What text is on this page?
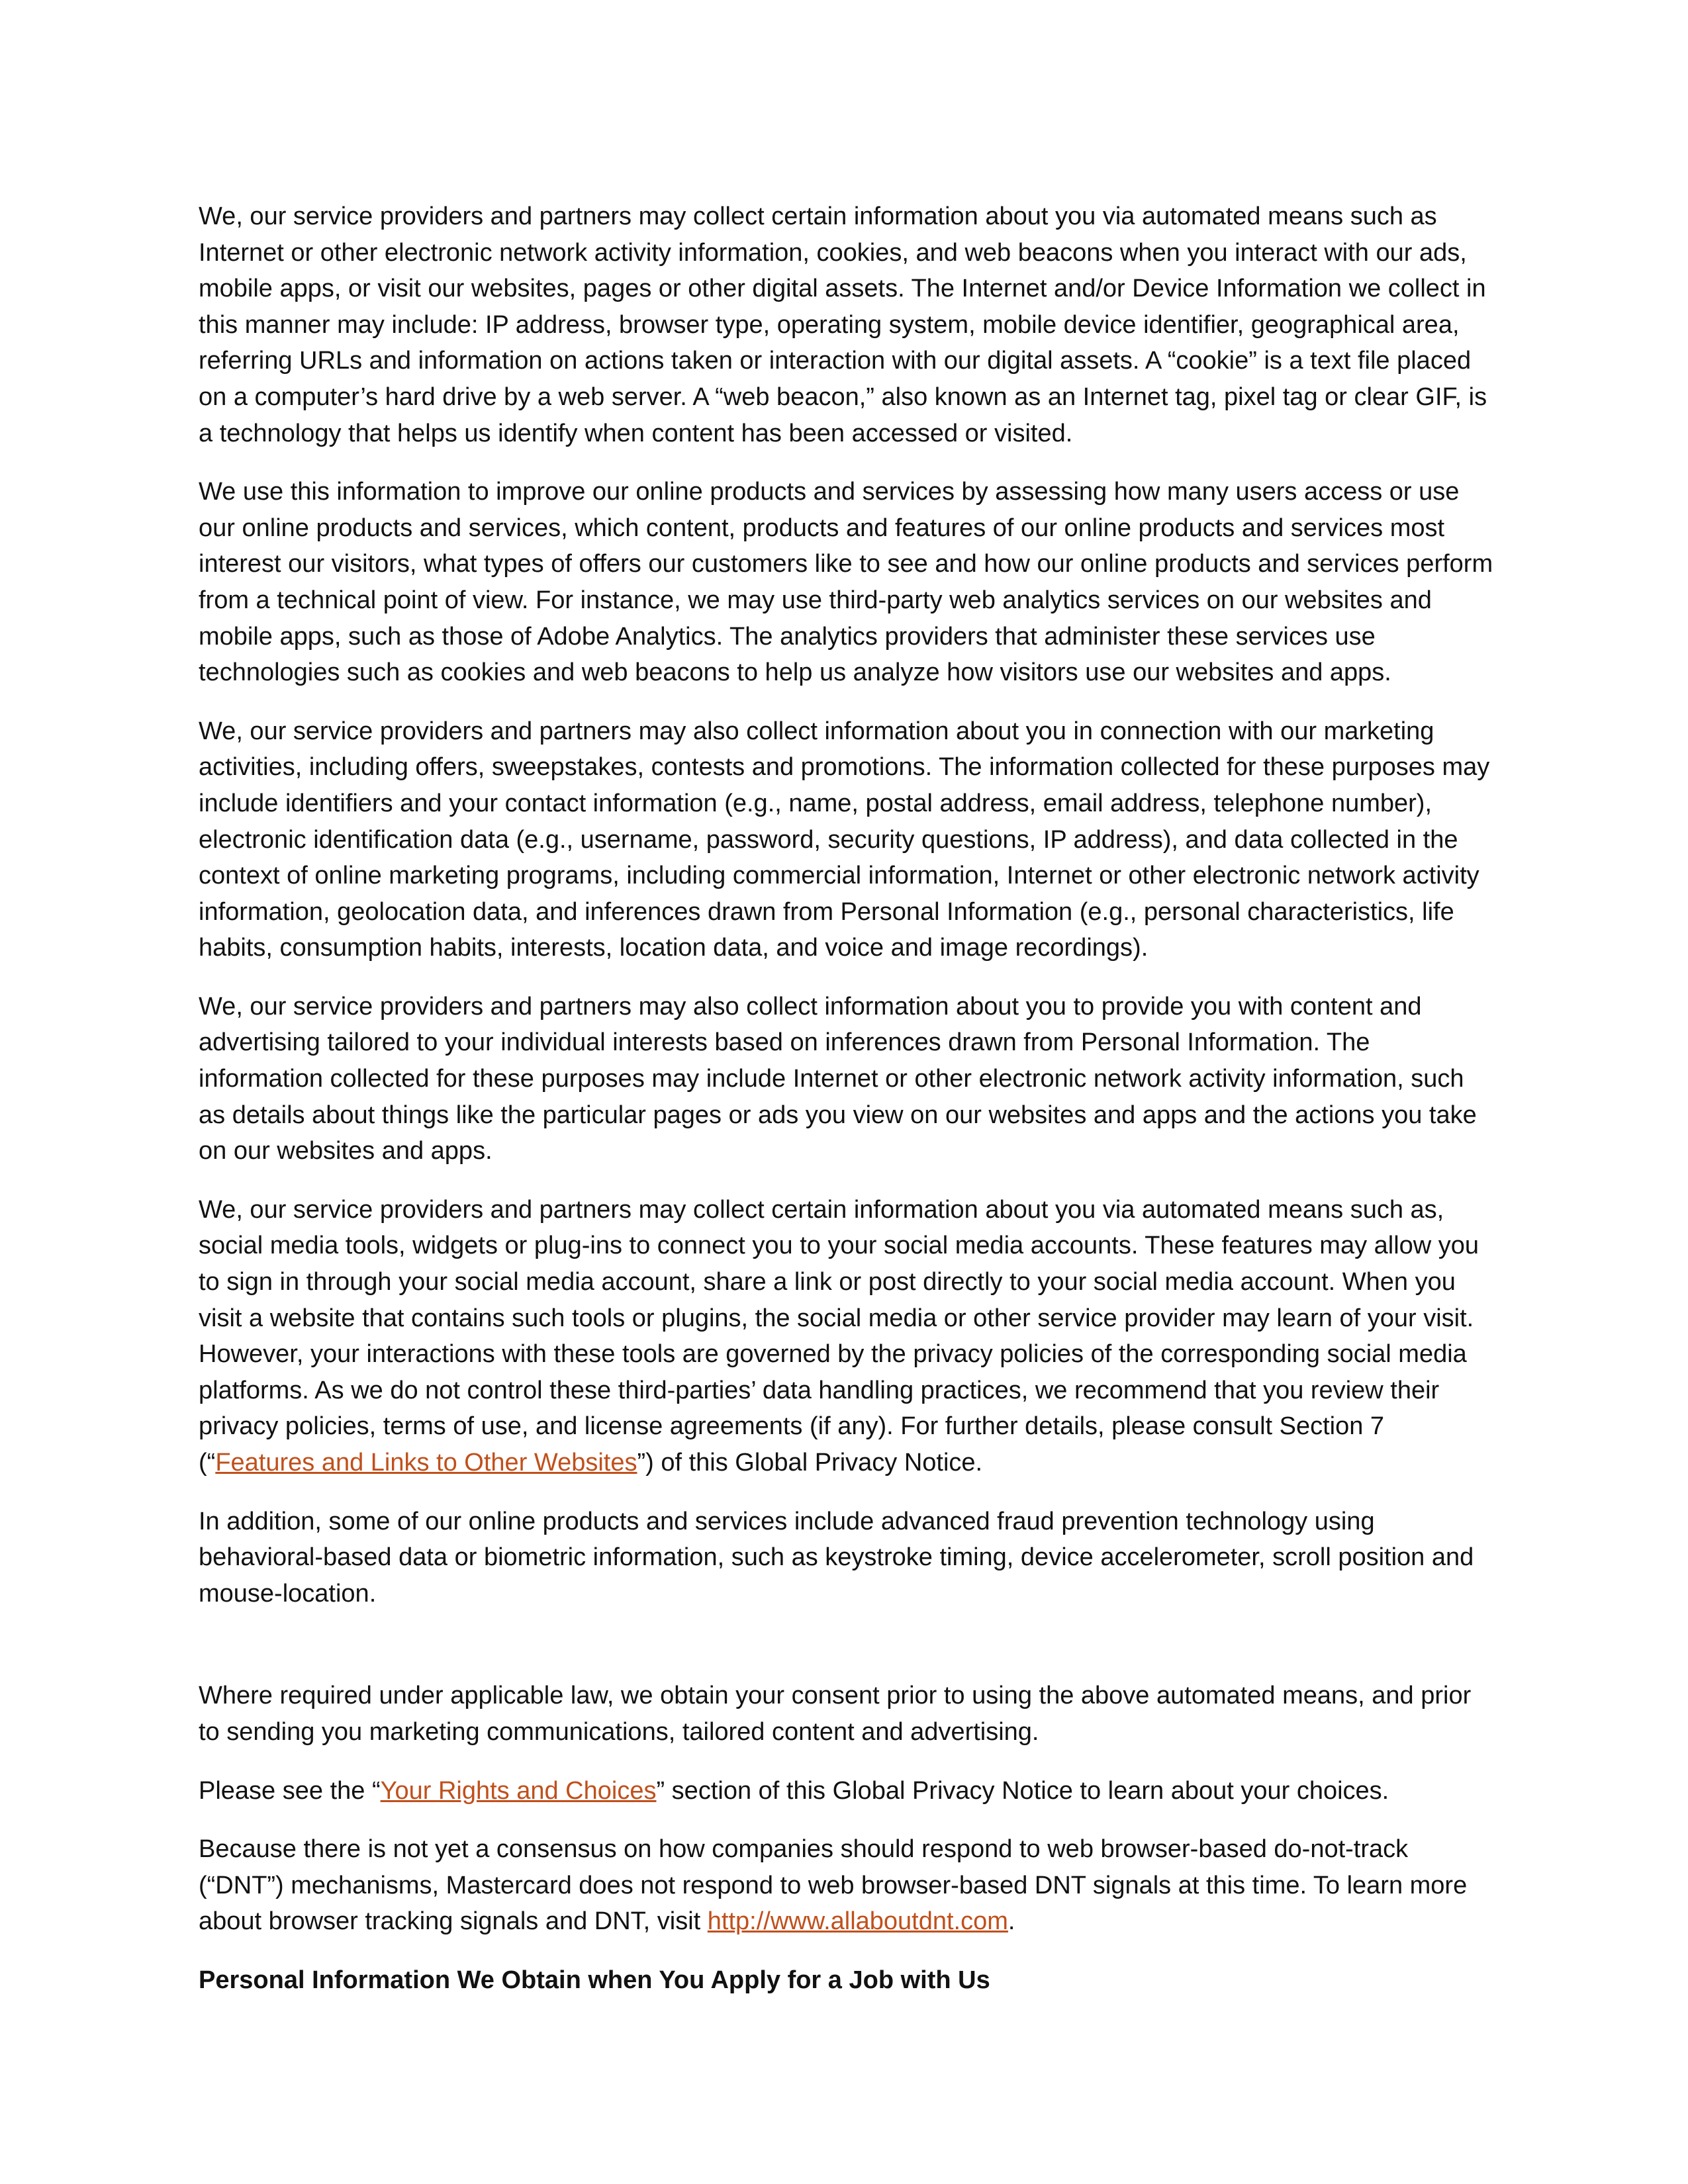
We, our service providers and partners may collect certain information about you via automated means such as Internet or other electronic network activity information, cookies, and web beacons when you interact with our ads, mobile apps, or visit our websites, pages or other digital assets. The Internet and/or Device Information we collect in this manner may include: IP address, browser type, operating system, mobile device identifier, geographical area, referring URLs and information on actions taken or interaction with our digital assets. A “cookie” is a text file placed on a computer’s hard drive by a web server. A “web beacon,” also known as an Internet tag, pixel tag or clear GIF, is a technology that helps us identify when content has been accessed or visited.

We use this information to improve our online products and services by assessing how many users access or use our online products and services, which content, products and features of our online products and services most interest our visitors, what types of offers our customers like to see and how our online products and services perform from a technical point of view. For instance, we may use third-party web analytics services on our websites and mobile apps, such as those of Adobe Analytics. The analytics providers that administer these services use technologies such as cookies and web beacons to help us analyze how visitors use our websites and apps.

We, our service providers and partners may also collect information about you in connection with our marketing activities, including offers, sweepstakes, contests and promotions. The information collected for these purposes may include identifiers and your contact information (e.g., name, postal address, email address, telephone number), electronic identification data (e.g., username, password, security questions, IP address), and data collected in the context of online marketing programs, including commercial information, Internet or other electronic network activity information, geolocation data, and inferences drawn from Personal Information (e.g., personal characteristics, life habits, consumption habits, interests, location data, and voice and image recordings).

We, our service providers and partners may also collect information about you to provide you with content and advertising tailored to your individual interests based on inferences drawn from Personal Information. The information collected for these purposes may include Internet or other electronic network activity information, such as details about things like the particular pages or ads you view on our websites and apps and the actions you take on our websites and apps.

We, our service providers and partners may collect certain information about you via automated means such as, social media tools, widgets or plug-ins to connect you to your social media accounts. These features may allow you to sign in through your social media account, share a link or post directly to your social media account. When you visit a website that contains such tools or plugins, the social media or other service provider may learn of your visit. However, your interactions with these tools are governed by the privacy policies of the corresponding social media platforms. As we do not control these third-parties’ data handling practices, we recommend that you review their privacy policies, terms of use, and license agreements (if any). For further details, please consult Section 7 (“Features and Links to Other Websites”) of this Global Privacy Notice.

In addition, some of our online products and services include advanced fraud prevention technology using behavioral-based data or biometric information, such as keystroke timing, device accelerometer, scroll position and mouse-location.

Where required under applicable law, we obtain your consent prior to using the above automated means, and prior to sending you marketing communications, tailored content and advertising.

Please see the “Your Rights and Choices” section of this Global Privacy Notice to learn about your choices.

Because there is not yet a consensus on how companies should respond to web browser-based do-not-track (“DNT”) mechanisms, Mastercard does not respond to web browser-based DNT signals at this time. To learn more about browser tracking signals and DNT, visit http://www.allaboutdnt.com.

Personal Information We Obtain when You Apply for a Job with Us
